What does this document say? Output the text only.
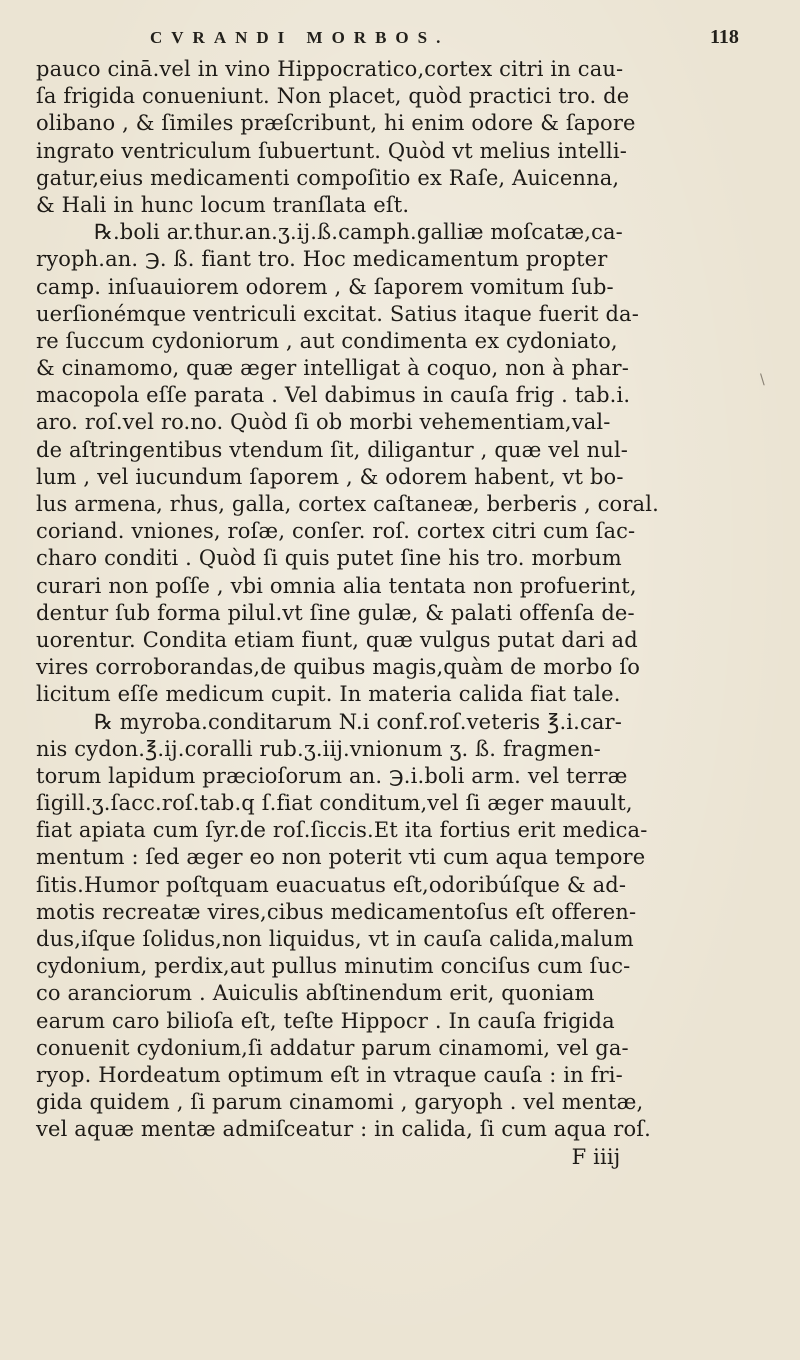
CVRANDI MORBOS.	118
pauco cinā.vel in vino Hippocratico,cortex citri in cau-
ſa frigida conueniunt. Non placet, quòd practici tro. de
olibano , & ſimiles præſcribunt, hi enim odore & ſapore
ingrato ventriculum ſubuertunt. Quòd vt melius intelli-
gatur,eius medicamenti compoſitio ex Raſe, Auicenna,
& Hali in hunc locum tranſlata eſt.
℞.boli ar.thur.an.ʒ.ij.ß.camph.galliæ moſcatæ,ca-
ryoph.an. ℈. ß. fiant tro. Hoc medicamentum propter
camp. inſuauiorem odorem , & ſaporem vomitum ſub-
uerſionémque ventriculi excitat. Satius itaque fuerit da-
re ſuccum cydoniorum , aut condimenta ex cydoniato,
& cinamomo, quæ æger intelligat à coquo, non à phar-
macopola eſſe parata . Vel dabimus in cauſa frig . tab.i.
aro. roſ.vel ro.no. Quòd ſi ob morbi vehementiam,val-
de aſtringentibus vtendum ſit, diligantur , quæ vel nul-
lum , vel iucundum ſaporem , & odorem habent, vt bo-
lus armena, rhus, galla, cortex caſtaneæ, berberis , coral.
coriand. vniones, roſæ, conſer. roſ. cortex citri cum ſac-
charo conditi . Quòd ſi quis putet ſine his tro. morbum
curari non poſſe , vbi omnia alia tentata non profuerint,
dentur ſub forma pilul.vt ſine gulæ, & palati offenſa de-
uorentur. Condita etiam fiunt, quæ vulgus putat dari ad
vires corroborandas,de quibus magis,quàm de morbo ſo
licitum eſſe medicum cupit. In materia calida fiat tale.
℞ myroba.conditarum N.i conf.roſ.veteris ℥.i.car-
nis cydon.℥.ij.coralli rub.ʒ.iij.vnionum ʒ. ß. fragmen-
torum lapidum præcioſorum an. ℈.i.boli arm. vel terræ
ſigill.ʒ.ſacc.roſ.tab.q ſ.fiat conditum,vel ſi æger mauult,
fiat apiata cum ſyr.de roſ.ſiccis.Et ita fortius erit medica-
mentum : ſed æger eo non poterit vti cum aqua tempore
ſitis.Humor poſtquam euacuatus eſt,odoribúſque & ad-
motis recreatæ vires,cibus medicamentoſus eſt offeren-
dus,iſque ſolidus,non liquidus, vt in cauſa calida,malum
cydonium, perdix,aut pullus minutim conciſus cum ſuc-
co aranciorum . Auiculis abſtinendum erit, quoniam
earum caro bilioſa eſt, teſte Hippocr . In cauſa frigida
conuenit cydonium,ſi addatur parum cinamomi, vel ga-
ryop. Hordeatum optimum eſt in vtraque cauſa : in fri-
gida quidem , ſi parum cinamomi , garyoph . vel mentæ,
vel aquæ mentæ admiſceatur : in calida, ſi cum aqua roſ.
F iiij
\
